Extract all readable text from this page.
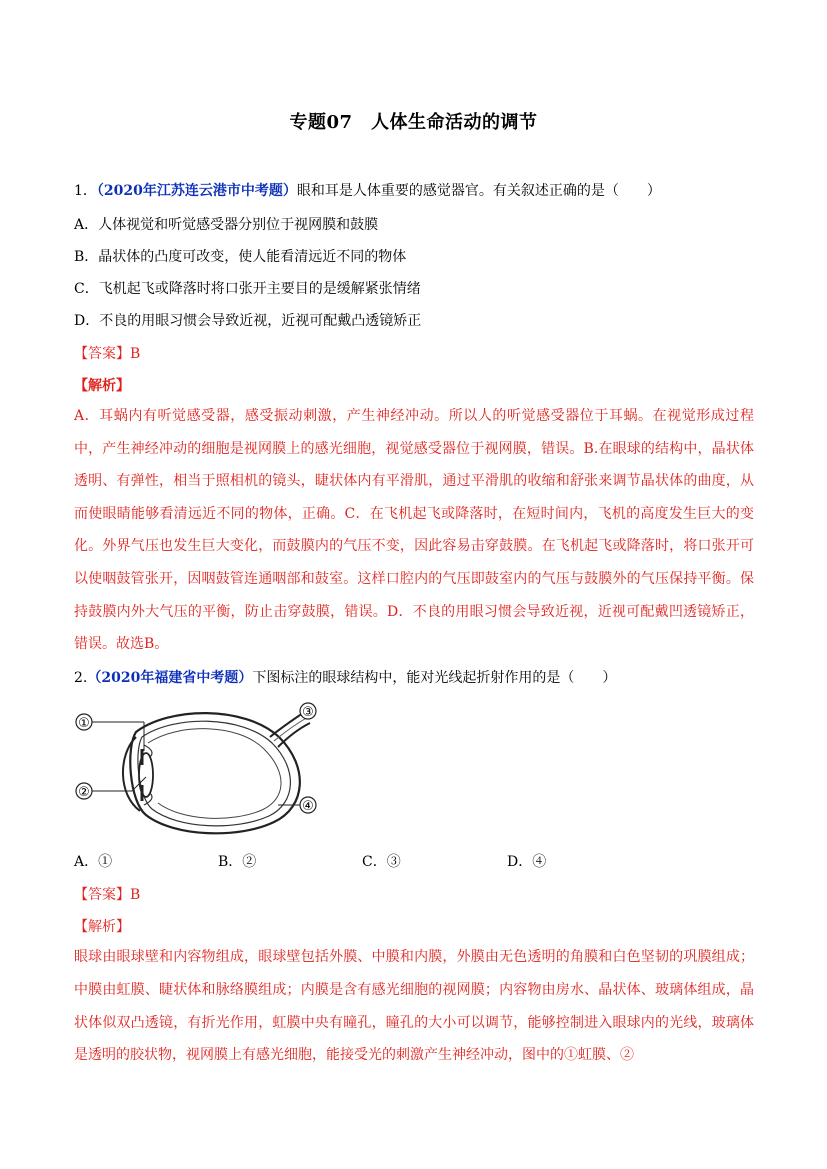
专题07　人体生命活动的调节
1．（2020年江苏连云港市中考题）眼和耳是人体重要的感觉器官。有关叙述正确的是（　　）
A．人体视觉和听觉感受器分别位于视网膜和鼓膜
B．晶状体的凸度可改变，使人能看清远近不同的物体
C．飞机起飞或降落时将口张开主要目的是缓解紧张情绪
D．不良的用眼习惯会导致近视，近视可配戴凸透镜矫正
【答案】B
【解析】
A．耳蜗内有听觉感受器，感受振动刺激，产生神经冲动。所以人的听觉感受器位于耳蜗。在视觉形成过程中，产生神经冲动的细胞是视网膜上的感光细胞，视觉感受器位于视网膜，错误。B.在眼球的结构中，晶状体透明、有弹性，相当于照相机的镜头，睫状体内有平滑肌，通过平滑肌的收缩和舒张来调节晶状体的曲度，从而使眼睛能够看清远近不同的物体，正确。C．在飞机起飞或降落时，在短时间内，飞机的高度发生巨大的变化。外界气压也发生巨大变化，而鼓膜内的气压不变，因此容易击穿鼓膜。在飞机起飞或降落时，将口张开可以使咽鼓管张开，因咽鼓管连通咽部和鼓室。这样口腔内的气压即鼓室内的气压与鼓膜外的气压保持平衡。保持鼓膜内外大气压的平衡，防止击穿鼓膜，错误。D．不良的用眼习惯会导致近视，近视可配戴凹透镜矫正，错误。故选B。
2.（2020年福建省中考题）下图标注的眼球结构中，能对光线起折射作用的是（　　）
①
②
③
④
A．①	B．②	C．③	D．④
【答案】B
【解析】
眼球由眼球壁和内容物组成，眼球壁包括外膜、中膜和内膜，外膜由无色透明的角膜和白色坚韧的巩膜组成；中膜由虹膜、睫状体和脉络膜组成；内膜是含有感光细胞的视网膜；内容物由房水、晶状体、玻璃体组成，晶状体似双凸透镜，有折光作用，虹膜中央有瞳孔，瞳孔的大小可以调节，能够控制进入眼球内的光线，玻璃体是透明的胶状物，视网膜上有感光细胞，能接受光的刺激产生神经冲动，图中的①虹膜、②
